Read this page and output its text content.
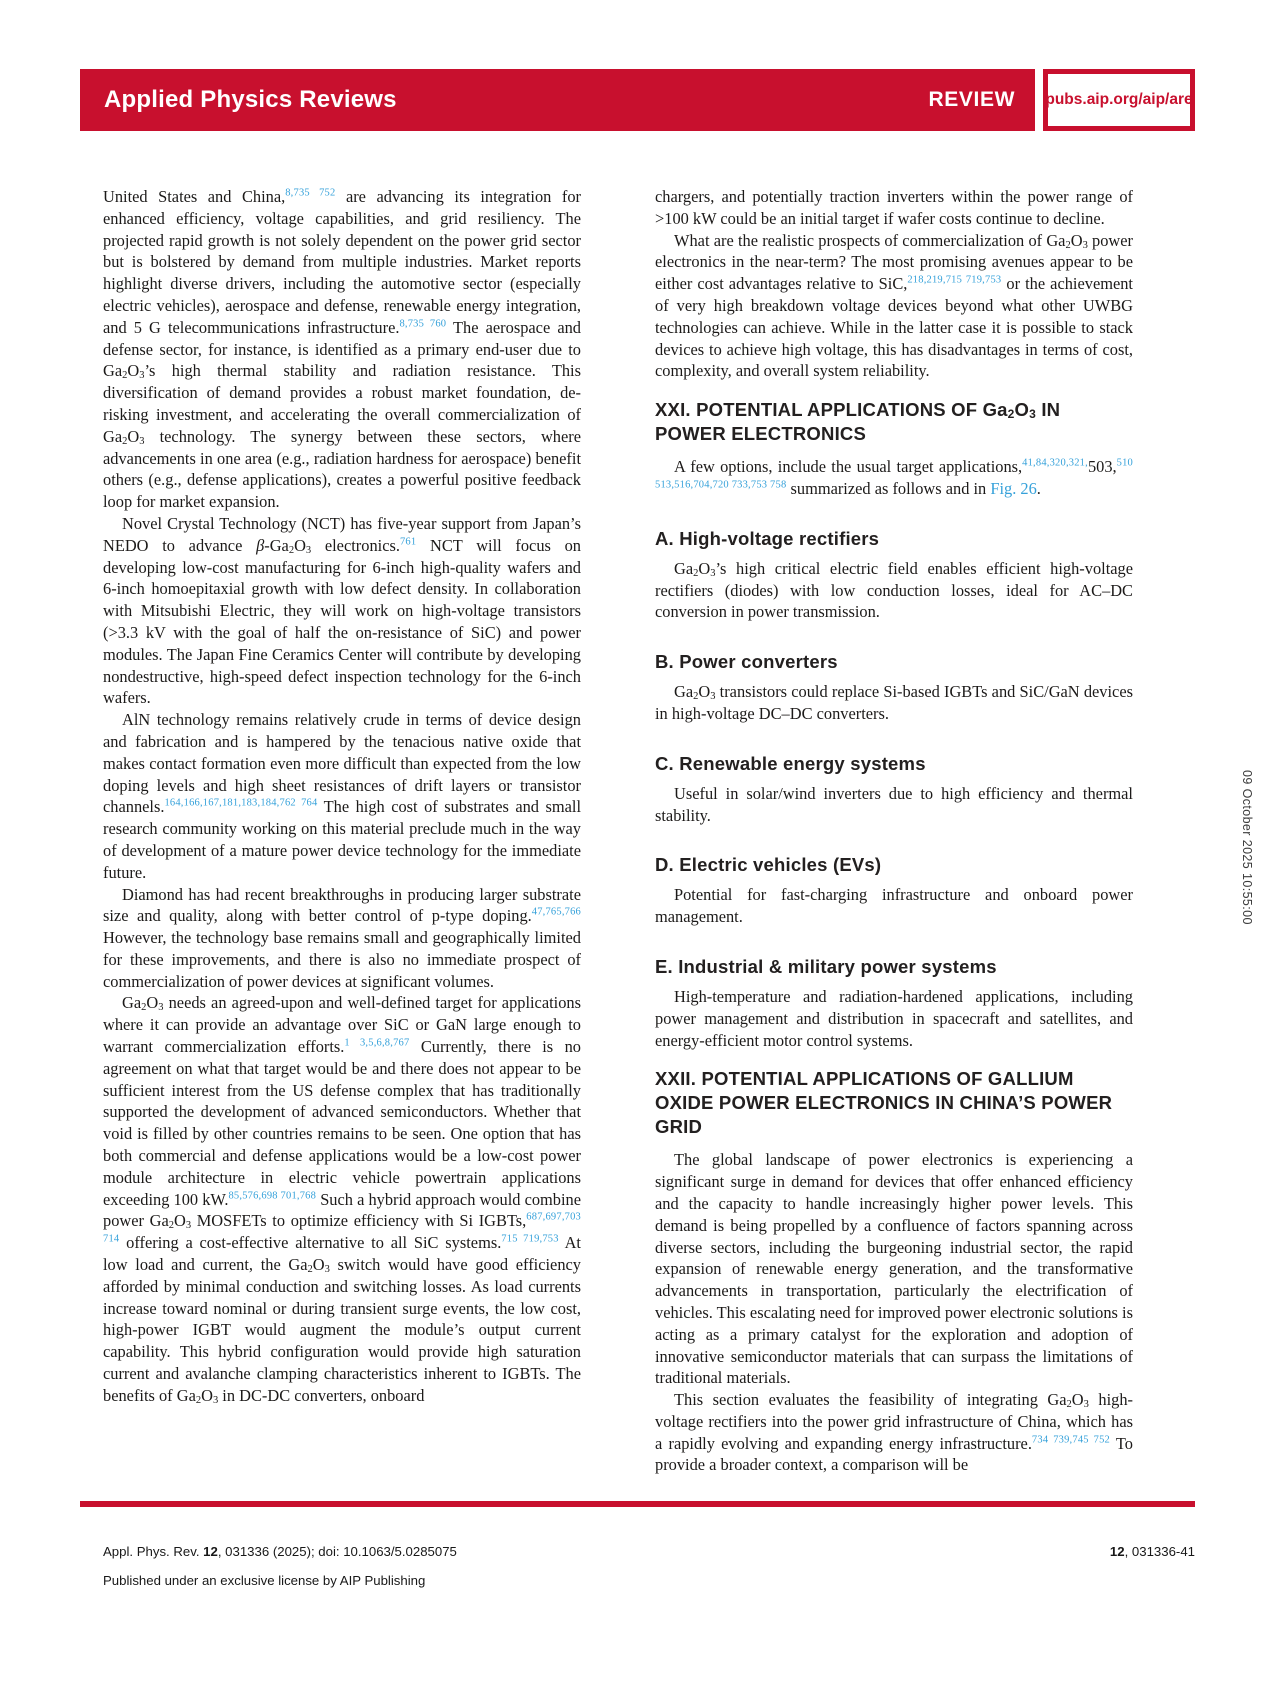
Applied Physics Reviews	REVIEW pubs.aip.org/aip/are

United States and China,$^{8,735 752}$ are advancing its integration for enhanced efficiency, voltage capabilities, and grid resiliency. The projected rapid growth is not solely dependent on the power grid sector but is bolstered by demand from multiple industries. Market reports highlight diverse drivers, including the automotive sector (especially electric vehicles), aerospace and defense, renewable energy integration, and 5 G telecommunications infrastructure.$^{8,735 760}$ The aerospace and defense sector, for instance, is identified as a primary end-user due to $Ga_2O_3’s$ high thermal stability and radiation resistance. This diversification of demand provides a robust market foundation, de-risking investment, and accelerating the overall commercialization of $Ga_2O_3$ technology. The synergy between these sectors, where advancements in one area (e.g., radiation hardness for aerospace) benefit others (e.g., defense applications), creates a powerful positive feedback loop for market expansion.

Novel Crystal Technology (NCT) has five-year support from Japan’s NEDO to advance $\beta-Ga_2O_3$ electronics.$^{761}$ NCT will focus on developing low-cost manufacturing for 6-inch high-quality wafers and 6-inch homoepitaxial growth with low defect density. In collaboration with Mitsubishi Electric, they will work on high-voltage transistors (>3.3 kV with the goal of half the on-resistance of SiC) and power modules. The Japan Fine Ceramics Center will contribute by developing nondestructive, high-speed defect inspection technology for the 6-inch wafers.

AlN technology remains relatively crude in terms of device design and fabrication and is hampered by the tenacious native oxide that makes contact formation even more difficult than expected from the low doping levels and high sheet resistances of drift layers or transistor channels.$^{164,166,167,181,183,184,762 764}$ The high cost of substrates and small research community working on this material preclude much in the way of development of a mature power device technology for the immediate future.

Diamond has had recent breakthroughs in producing larger substrate size and quality, along with better control of p-type doping.$^{47,765,766}$ However, the technology base remains small and geographically limited for these improvements, and there is also no immediate prospect of commercialization of power devices at significant volumes.

$Ga_2O_3$ needs an agreed-upon and well-defined target for applications where it can provide an advantage over SiC or GaN large enough to warrant commercialization efforts.$^{1 3,5,6,8,767}$ Currently, there is no agreement on what that target would be and there does not appear to be sufficient interest from the US defense complex that has traditionally supported the development of advanced semiconductors. Whether that void is filled by other countries remains to be seen. One option that has both commercial and defense applications would be a low-cost power module architecture in electric vehicle powertrain applications exceeding 100 kW.$^{85,576,698 701,768}$ Such a hybrid approach would combine power $Ga_2O_3$ MOSFETs to optimize efficiency with Si IGBTs,$^{687,697,703 714}$ offering a cost-effective alternative to all SiC systems.$^{715 719,753}$ At low load and current, the $Ga_2O_3$ switch would have good efficiency afforded by minimal conduction and switching losses. As load currents increase toward nominal or during transient surge events, the low cost, high-power IGBT would augment the module’s output current capability. This hybrid configuration would provide high saturation current and avalanche clamping characteristics inherent to IGBTs. The benefits of $Ga_2O_3$ in DC-DC converters, onboard

chargers, and potentially traction inverters within the power range of >100 kW could be an initial target if wafer costs continue to decline.

What are the realistic prospects of commercialization of $Ga_2O_3$ power electronics in the near-term? The most promising avenues appear to be either cost advantages relative to SiC,$^{218,219,715 719,753}$ or the achievement of very high breakdown voltage devices beyond what other UWBG technologies can achieve. While in the latter case it is possible to stack devices to achieve high voltage, this has disadvantages in terms of cost, complexity, and overall system reliability.

XXI. POTENTIAL APPLICATIONS OF $Ga_2O_3$ IN POWER ELECTRONICS

A few options, include the usual target applications,$^{41,84,320,321,}$503,$^{510 513,516,704,720 733,753 758}$ summarized as follows and in Fig. 26.

A. High-voltage rectifiers

$Ga_2O_3’s$ high critical electric field enables efficient high-voltage rectifiers (diodes) with low conduction losses, ideal for AC–DC conversion in power transmission.

B. Power converters

$Ga_2O_3$ transistors could replace Si-based IGBTs and SiC/GaN devices in high-voltage DC–DC converters.

C. Renewable energy systems

Useful in solar/wind inverters due to high efficiency and thermal stability.

D. Electric vehicles (EVs)

Potential for fast-charging infrastructure and onboard power management.

E. Industrial & military power systems

High-temperature and radiation-hardened applications, including power management and distribution in spacecraft and satellites, and energy-efficient motor control systems.

XXII. POTENTIAL APPLICATIONS OF GALLIUM OXIDE POWER ELECTRONICS IN CHINA’S POWER GRID

The global landscape of power electronics is experiencing a significant surge in demand for devices that offer enhanced efficiency and the capacity to handle increasingly higher power levels. This demand is being propelled by a confluence of factors spanning across diverse sectors, including the burgeoning industrial sector, the rapid expansion of renewable energy generation, and the transformative advancements in transportation, particularly the electrification of vehicles. This escalating need for improved power electronic solutions is acting as a primary catalyst for the exploration and adoption of innovative semiconductor materials that can surpass the limitations of traditional materials.

This section evaluates the feasibility of integrating $Ga_2O_3$ high-voltage rectifiers into the power grid infrastructure of China, which has a rapidly evolving and expanding energy infrastructure.$^{734 739,745 752}$ To provide a broader context, a comparison will be

09 October 2025 10:55:00
Appl. Phys. Rev. 12, 031336 (2025); doi: 10.1063/5.0285075
Published under an exclusive license by AIP Publishing
12, 031336-41
